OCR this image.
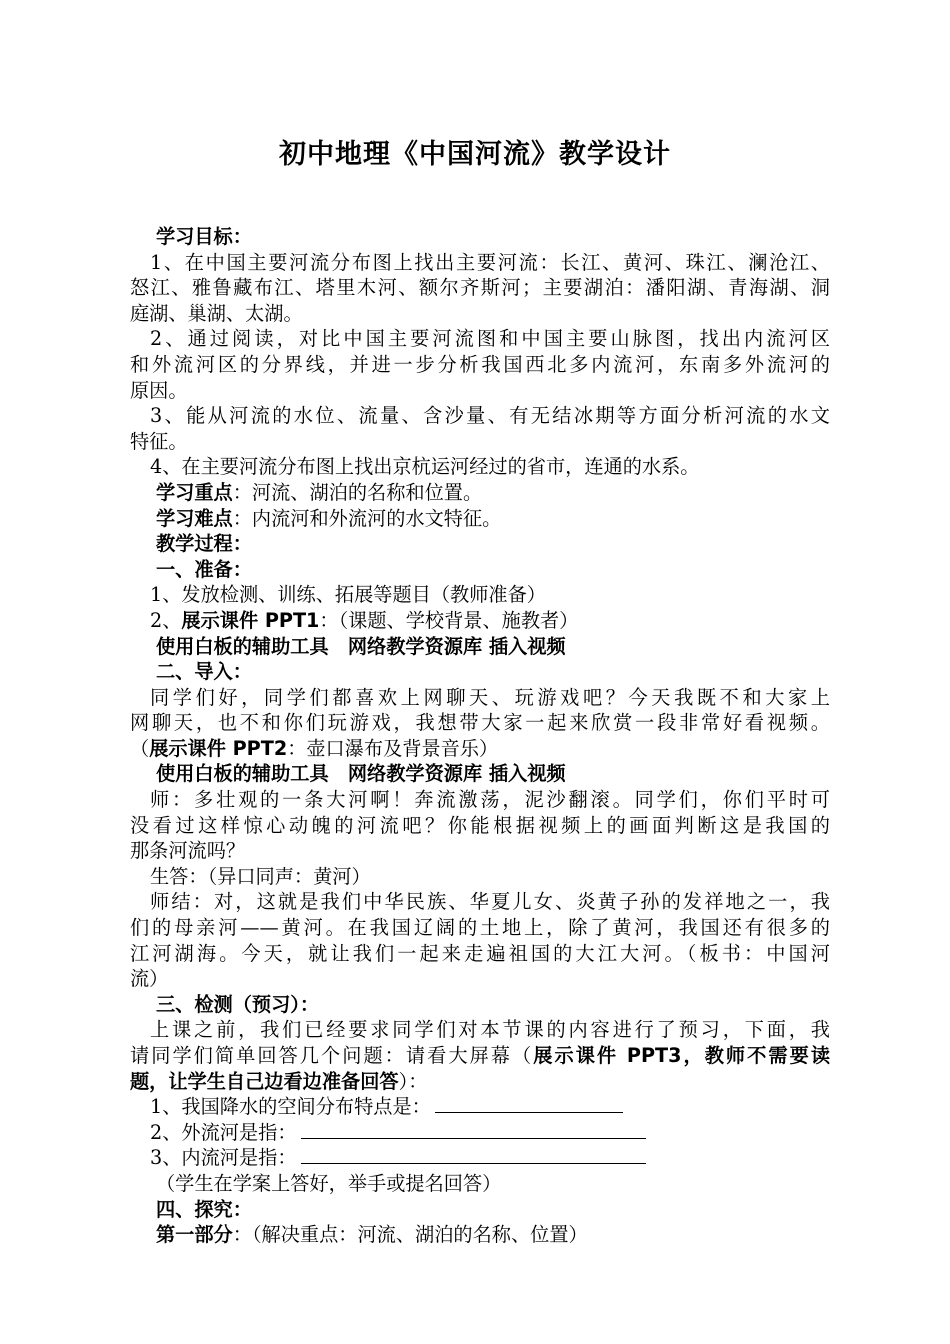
初中地理《中国河流》教学设计

学习目标：

1、在中国主要河流分布图上找出主要河流：长江、黄河、珠江、澜沧江、

怒江、雅鲁藏布江、塔里木河、额尔齐斯河；主要湖泊：潘阳湖、青海湖、洞

庭湖、巢湖、太湖。

2、通过阅读，对比中国主要河流图和中国主要山脉图，找出内流河区

和外流河区的分界线，并进一步分析我国西北多内流河，东南多外流河的

原因。

3、能从河流的水位、流量、含沙量、有无结冰期等方面分析河流的水文

特征。

4、在主要河流分布图上找出京杭运河经过的省市，连通的水系。

学习重点：河流、湖泊的名称和位置。

学习难点：内流河和外流河的水文特征。

教学过程：

一、准备：

1、发放检测、训练、拓展等题目（教师准备）

2、展示课件 PPT1：（课题、学校背景、施教者）

使用白板的辅助工具　网络教学资源库 插入视频

二、导入：

同学们好，同学们都喜欢上网聊天、玩游戏吧？今天我既不和大家上

网聊天，也不和你们玩游戏，我想带大家一起来欣赏一段非常好看视频。

（展示课件 PPT2：壶口瀑布及背景音乐）

使用白板的辅助工具　网络教学资源库 插入视频

师：多壮观的一条大河啊！奔流激荡，泥沙翻滚。同学们，你们平时可

没看过这样惊心动魄的河流吧？你能根据视频上的画面判断这是我国的

那条河流吗？

生答：（异口同声：黄河）

师结：对，这就是我们中华民族、华夏儿女、炎黄子孙的发祥地之一，我

们的母亲河——黄河。在我国辽阔的土地上，除了黄河，我国还有很多的

江河湖海。今天，就让我们一起来走遍祖国的大江大河。（板书：中国河

流）

三、检测（预习）：

上课之前，我们已经要求同学们对本节课的内容进行了预习，下面，我

请同学们简单回答几个问题：请看大屏幕（展示课件 PPT3，教师不需要读

题，让学生自己边看边准备回答）：

1、我国降水的空间分布特点是：

2、外流河是指：

3、内流河是指：

（学生在学案上答好，举手或提名回答）

四、探究：

第一部分：（解决重点：河流、湖泊的名称、位置）
